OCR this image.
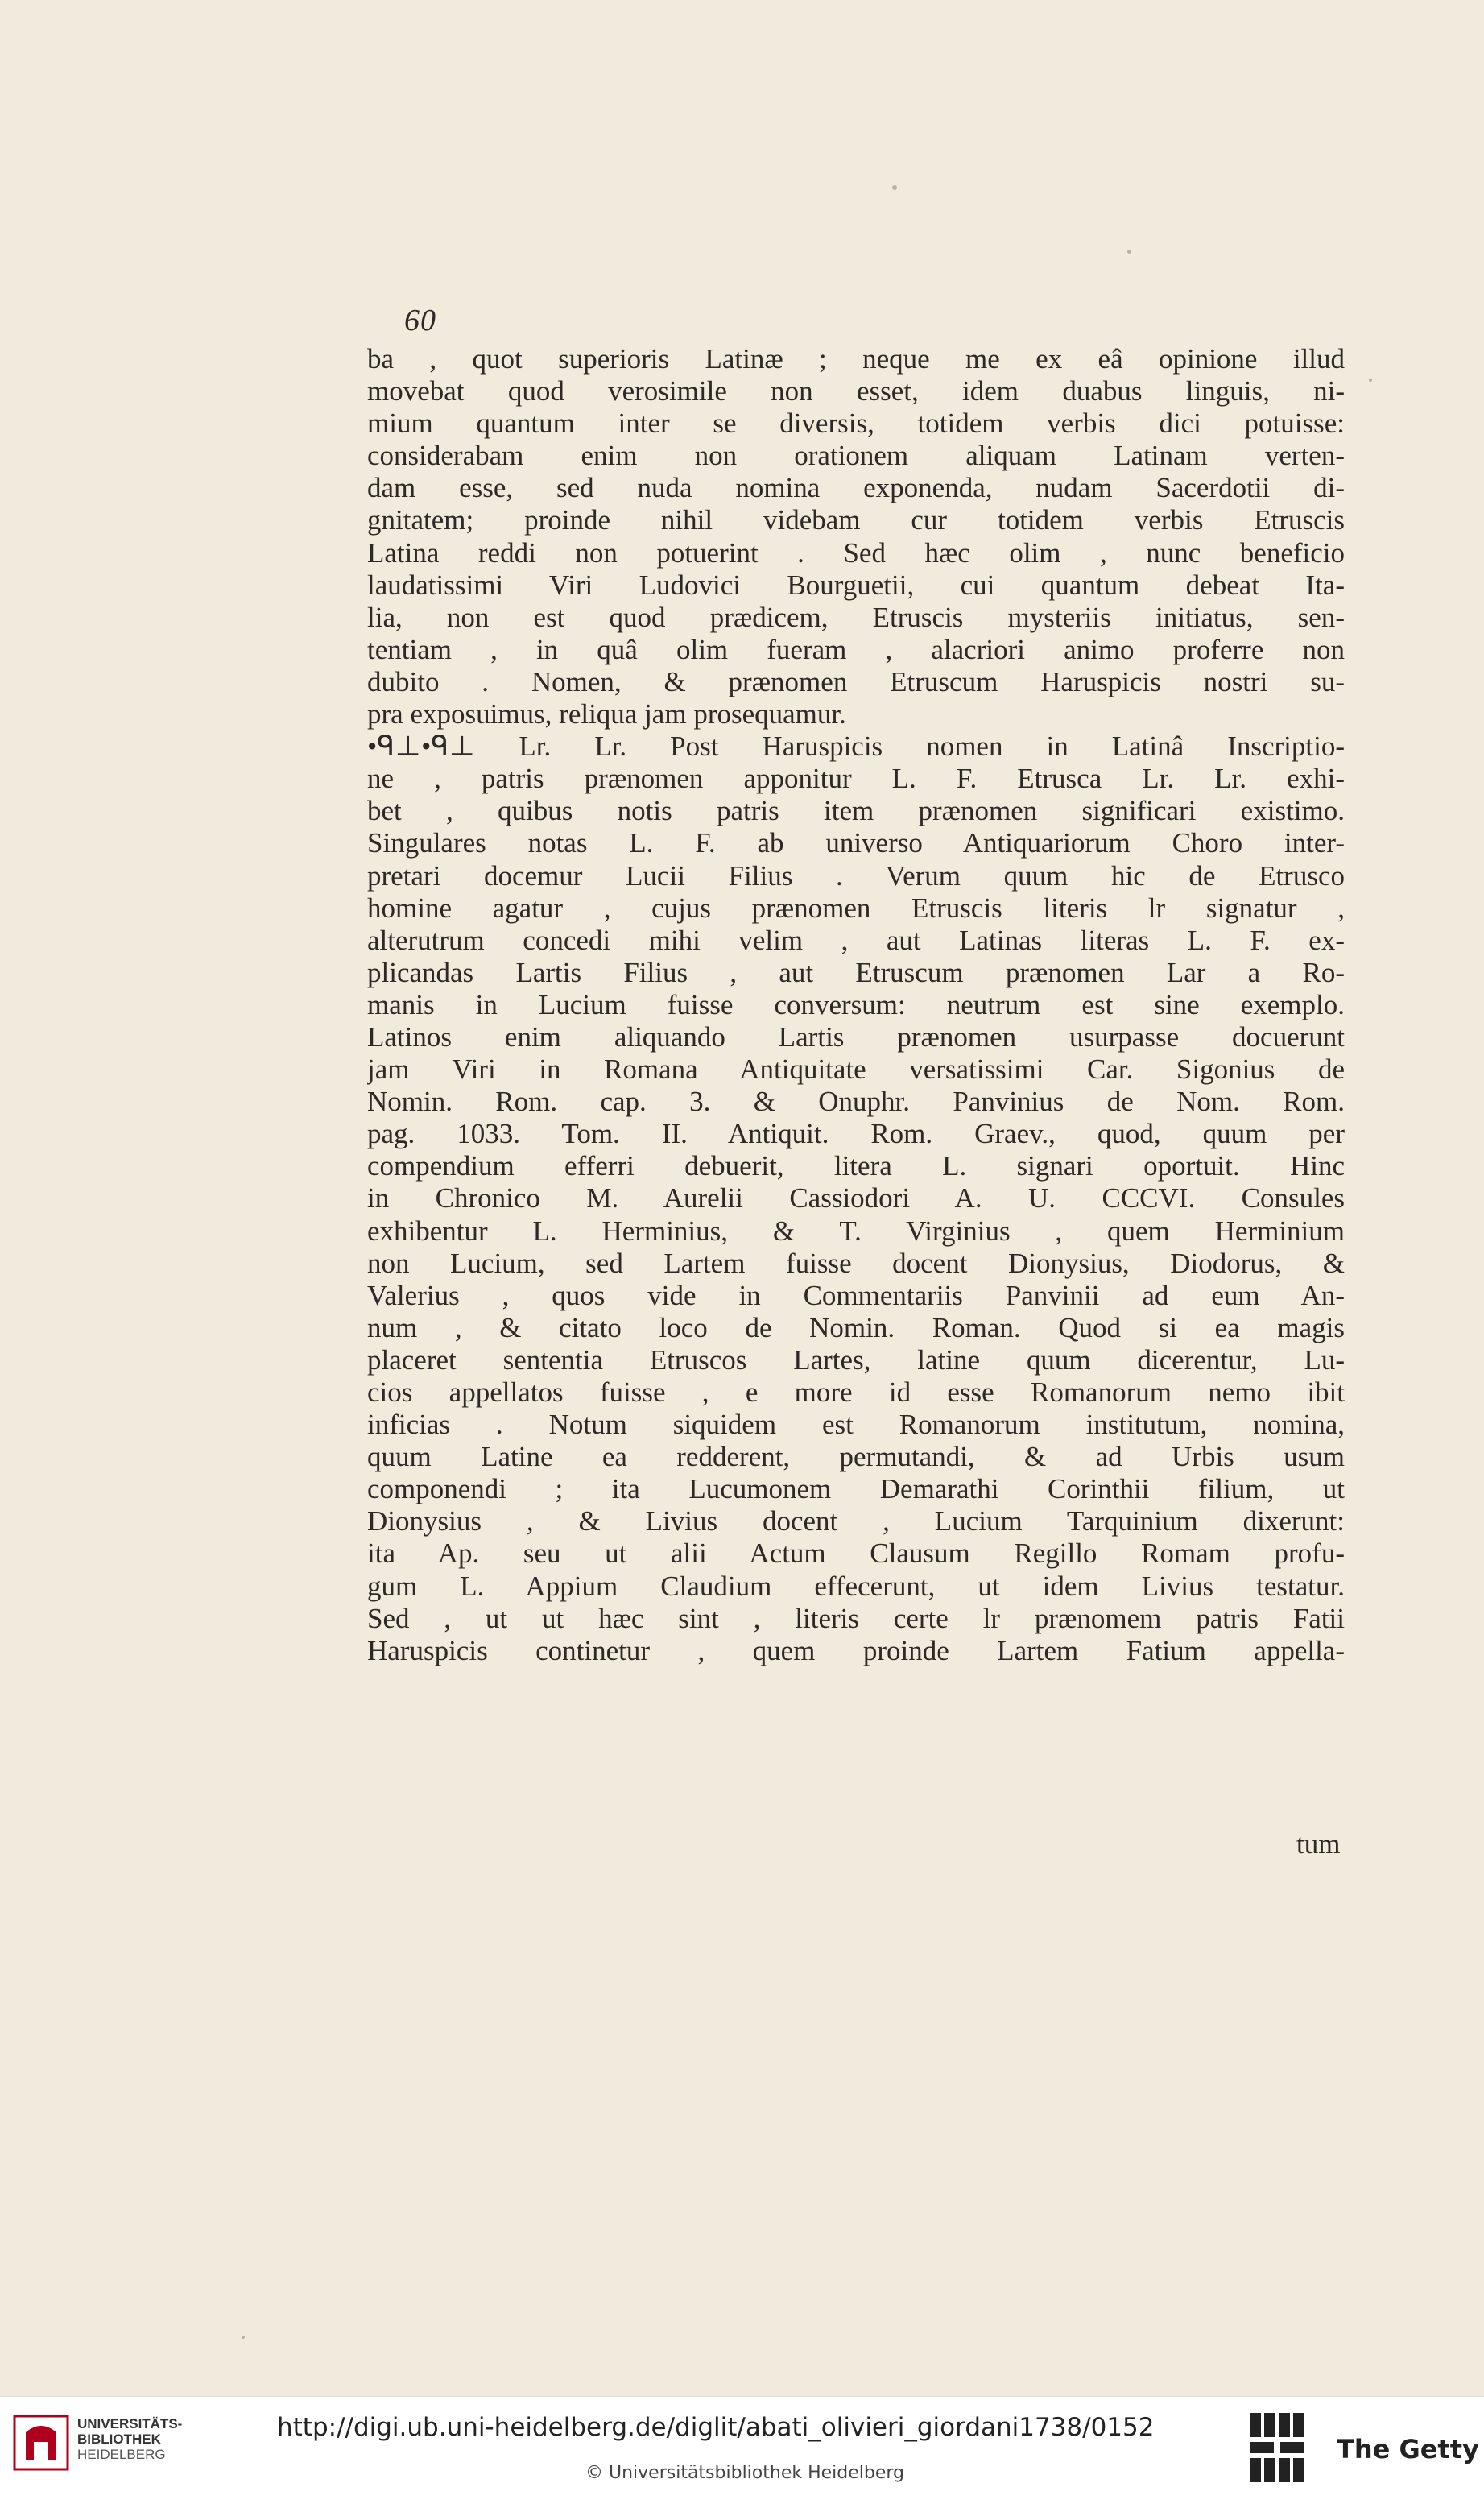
60
ba , quot superioris Latinæ ; neque me ex eâ opinione illud
movebat quod verosimile non esset, idem duabus linguis, ni-
mium quantum inter se diversis, totidem verbis dici potuisse:
considerabam enim non orationem aliquam Latinam verten-
dam esse, sed nuda nomina exponenda, nudam Sacerdotii di-
gnitatem; proinde nihil videbam cur totidem verbis Etruscis
Latina reddi non potuerint . Sed hæc olim , nunc beneficio
laudatissimi Viri Ludovici Bourguetii, cui quantum debeat Ita-
lia, non est quod prædicem, Etruscis mysteriis initiatus, sen-
tentiam , in quâ olim fueram , alacriori animo proferre non
dubito . Nomen, & prænomen Etruscum Haruspicis nostri su-
pra exposuimus, reliqua jam prosequamur.
•ᑫ⊥•ᑫ⊥ Lr. Lr. Post Haruspicis nomen in Latinâ Inscriptio-
ne , patris prænomen apponitur L. F. Etrusca Lr. Lr. exhi-
bet , quibus notis patris item prænomen significari existimo.
Singulares notas L. F. ab universo Antiquariorum Choro inter-
pretari docemur Lucii Filius . Verum quum hic de Etrusco
homine agatur , cujus prænomen Etruscis literis lr signatur ,
alterutrum concedi mihi velim , aut Latinas literas L. F. ex-
plicandas Lartis Filius , aut Etruscum prænomen Lar a Ro-
manis in Lucium fuisse conversum: neutrum est sine exemplo.
Latinos enim aliquando Lartis prænomen usurpasse docuerunt
jam Viri in Romana Antiquitate versatissimi Car. Sigonius de
Nomin. Rom. cap. 3. & Onuphr. Panvinius de Nom. Rom.
pag. 1033. Tom. II. Antiquit. Rom. Graev., quod, quum per
compendium efferri debuerit, litera L. signari oportuit. Hinc
in Chronico M. Aurelii Cassiodori A. U. CCCVI. Consules
exhibentur L. Herminius, & T. Virginius , quem Herminium
non Lucium, sed Lartem fuisse docent Dionysius, Diodorus, &
Valerius , quos vide in Commentariis Panvinii ad eum An-
num , & citato loco de Nomin. Roman. Quod si ea magis
placeret sententia Etruscos Lartes, latine quum dicerentur, Lu-
cios appellatos fuisse , e more id esse Romanorum nemo ibit
inficias . Notum siquidem est Romanorum institutum, nomina,
quum Latine ea redderent, permutandi, & ad Urbis usum
componendi ; ita Lucumonem Demarathi Corinthii filium, ut
Dionysius , & Livius docent , Lucium Tarquinium dixerunt:
ita Ap. seu ut alii Actum Clausum Regillo Romam profu-
gum L. Appium Claudium effecerunt, ut idem Livius testatur.
Sed , ut ut hæc sint , literis certe lr prænomem patris Fatii
Haruspicis continetur , quem proinde Lartem Fatium appella-
tum
UNIVERSITÄTS-
BIBLIOTHEK
HEIDELBERG
http://digi.ub.uni-heidelberg.de/diglit/abati_olivieri_giordani1738/0152
© Universitätsbibliothek Heidelberg
The Getty
